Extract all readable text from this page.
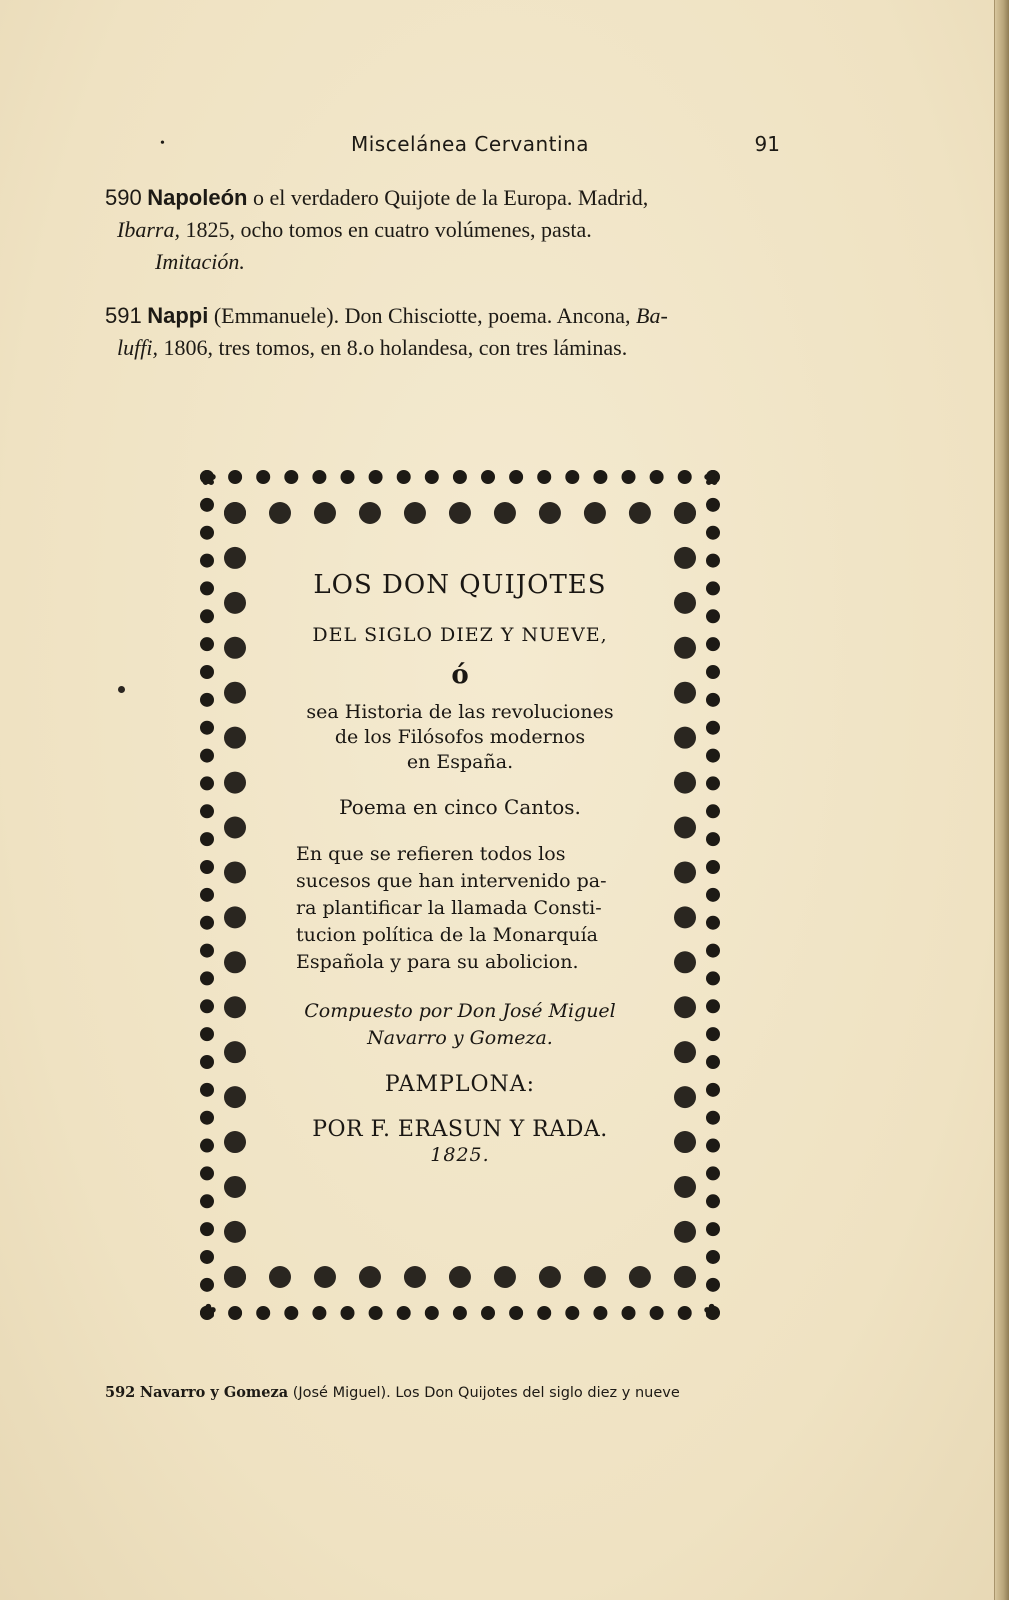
•	Miscelánea Cervantina	91
590 Napoleón o el verdadero Quijote de la Europa. Madrid,
Ibarra, 1825, ocho tomos en cuatro volúmenes, pasta.
Imitación.
591 Nappi (Emmanuele). Don Chisciotte, poema. Ancona, Ba-
luffi, 1806, tres tomos, en 8.o holandesa, con tres láminas.
✿	✿
✿	✿
LOS DON QUIJOTES
DEL SIGLO DIEZ Y NUEVE,
ó
sea Historia de las revoluciones
de los Filósofos modernos
en España.
Poema en cinco Cantos.
En que se refieren todos los
sucesos que han intervenido pa-
ra plantificar la llamada Consti-
tucion política de la Monarquía
Española y para su abolicion.
Compuesto por Don José Miguel
Navarro y Gomeza.
PAMPLONA:
POR F. ERASUN Y RADA.
1825.
592 Navarro y Gomeza (José Miguel). Los Don Quijotes del siglo diez y nueve
